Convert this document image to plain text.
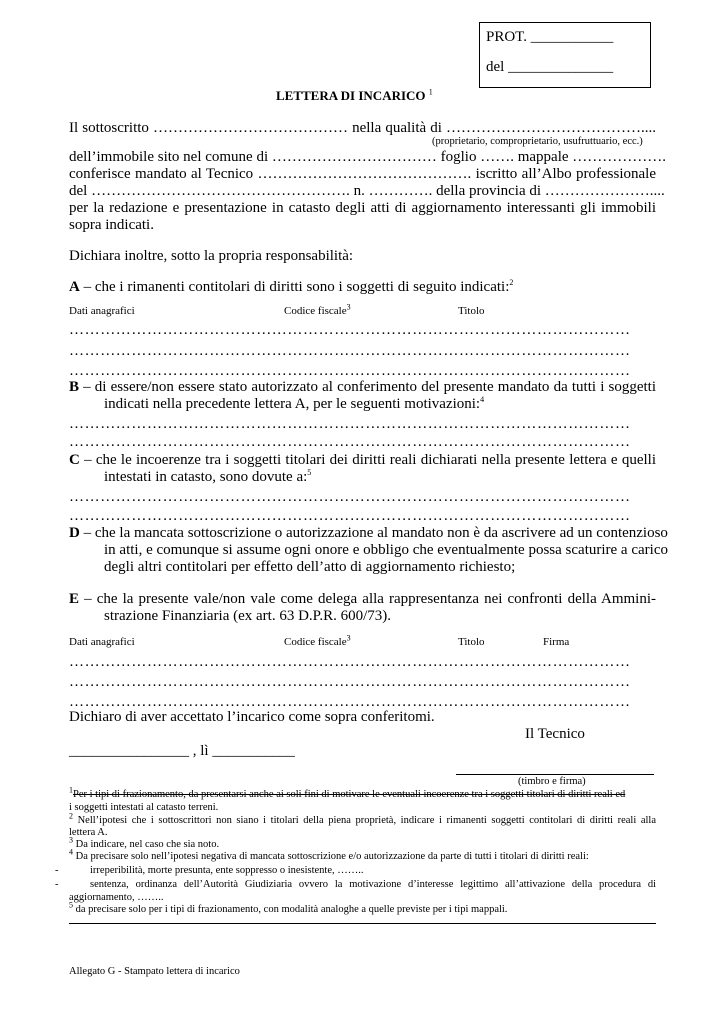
PROT. ___________
del ______________
LETTERA DI INCARICO $^1$
Il sottoscritto ………………………………… nella qualità di …………………………………....
(proprietario, comproprietario, usufruttuario, ecc.)
dell’immobile sito nel comune di …………………………… foglio ……. mappale ……………….
conferisce mandato al Tecnico ……………………………………. iscritto all’Albo professionale
del ……………………………………………. n. …………. della provincia di …………………....
per la redazione e presentazione in catasto degli atti di aggiornamento interessanti gli immobili
sopra indicati.
Dichiara inoltre, sotto la propria responsabilità:
A – che i rimanenti contitolari di diritti sono i soggetti di seguito indicati:$^2$
Dati anagrafici	Codice fiscale$^3$	Titolo
………………………………………………………………………………………………
………………………………………………………………………………………………
………………………………………………………………………………………………
B – di essere/non essere stato autorizzato al conferimento del presente mandato da tutti i soggetti
indicati nella precedente lettera A, per le seguenti motivazioni:$^4$
………………………………………………………………………………………………
………………………………………………………………………………………………
C – che le incoerenze tra i soggetti titolari dei diritti reali dichiarati nella presente lettera e quelli
intestati in catasto, sono dovute a:$^5$
………………………………………………………………………………………………
………………………………………………………………………………………………
D – che la mancata sottoscrizione o autorizzazione al mandato non è da ascrivere ad un contenzioso
in atti, e comunque si assume ogni onore e obbligo che eventualmente possa scaturire a carico
degli altri contitolari per effetto dell’atto di aggiornamento richiesto;
E – che la presente vale/non vale come delega alla rappresentanza nei confronti della Ammini-
strazione Finanziaria (ex art. 63 D.P.R. 600/73).
Dati anagrafici	Codice fiscale$^3$	Titolo	Firma
………………………………………………………………………………………………
………………………………………………………………………………………………
………………………………………………………………………………………………
Dichiaro di aver accettato l’incarico come sopra conferitomi.
Il Tecnico
________________ , lì ___________
(timbro e firma)
$^1$Per i tipi di frazionamento, da presentarsi anche ai soli fini di motivare le eventuali incoerenze tra i soggetti titolari di diritti reali ed
i soggetti intestati al catasto terreni.
$^2$ Nell’ipotesi che i sottoscrittori non siano i titolari della piena proprietà, indicare i rimanenti soggetti contitolari di diritti reali alla
lettera A.
$^3$ Da indicare, nel caso che sia noto.
$^4$ Da precisare solo nell’ipotesi negativa di mancata sottoscrizione e/o autorizzazione da parte di tutti i titolari di diritti reali:
-	irreperibilità, morte presunta, ente soppresso o inesistente, ……..
-	sentenza, ordinanza dell’Autorità Giudiziaria ovvero la motivazione d’interesse legittimo all’attivazione della procedura di
aggiornamento, ……..
$^5$ da precisare solo per i tipi di frazionamento, con modalità analoghe a quelle previste per i tipi mappali.
Allegato G - Stampato lettera di incarico
